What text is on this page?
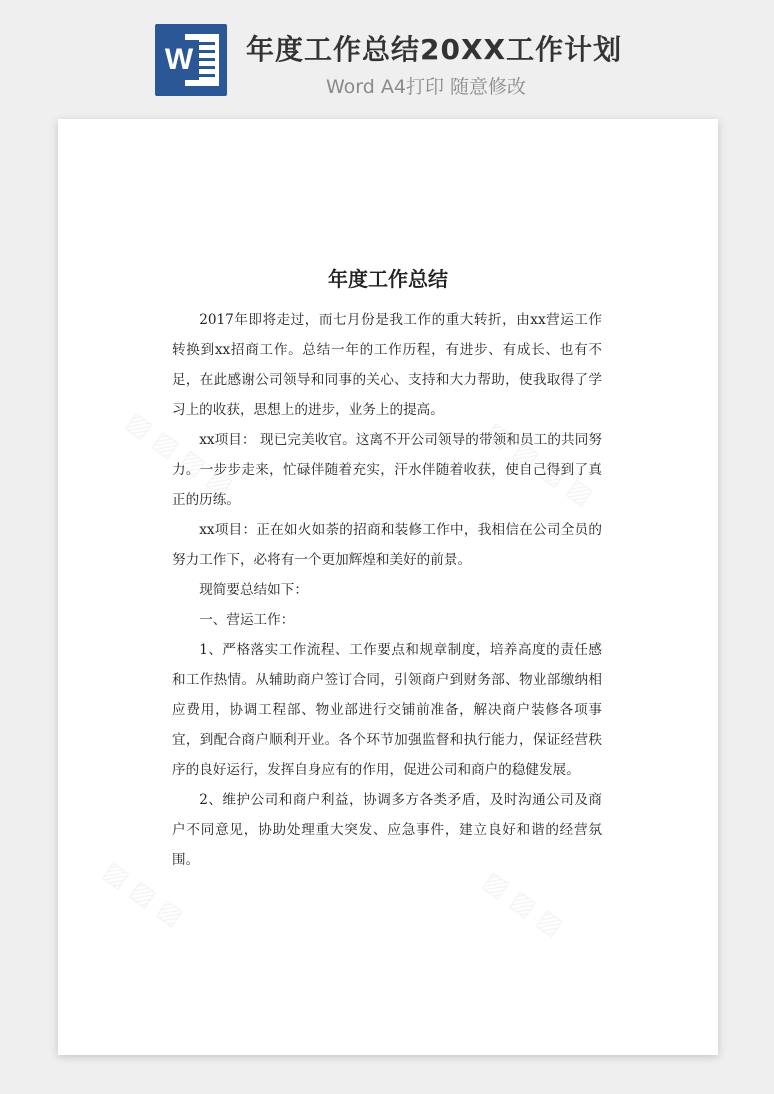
W 年度工作总结20XX工作计划
Word A4打印 随意修改
年度工作总结

2017年即将走过，而七月份是我工作的重大转折，由xx营运工作转换到xx招商工作。总结一年的工作历程，有进步、有成长、也有不足，在此感谢公司领导和同事的关心、支持和大力帮助，使我取得了学习上的收获，思想上的进步，业务上的提高。

xx项目： 现已完美收官。这离不开公司领导的带领和员工的共同努力。一步步走来，忙碌伴随着充实，汗水伴随着收获，使自己得到了真正的历练。

xx项目：正在如火如荼的招商和装修工作中，我相信在公司全员的努力工作下，必将有一个更加辉煌和美好的前景。

现简要总结如下：

一、营运工作：

1、严格落实工作流程、工作要点和规章制度，培养高度的责任感和工作热情。从辅助商户签订合同，引领商户到财务部、物业部缴纳相应费用，协调工程部、物业部进行交铺前准备，解决商户装修各项事宜，到配合商户顺利开业。各个环节加强监督和执行能力，保证经营秩序的良好运行，发挥自身应有的作用，促进公司和商户的稳健发展。

2、维护公司和商户利益，协调多方各类矛盾，及时沟通公司及商户不同意见，协助处理重大突发、应急事件，建立良好和谐的经营氛围。
